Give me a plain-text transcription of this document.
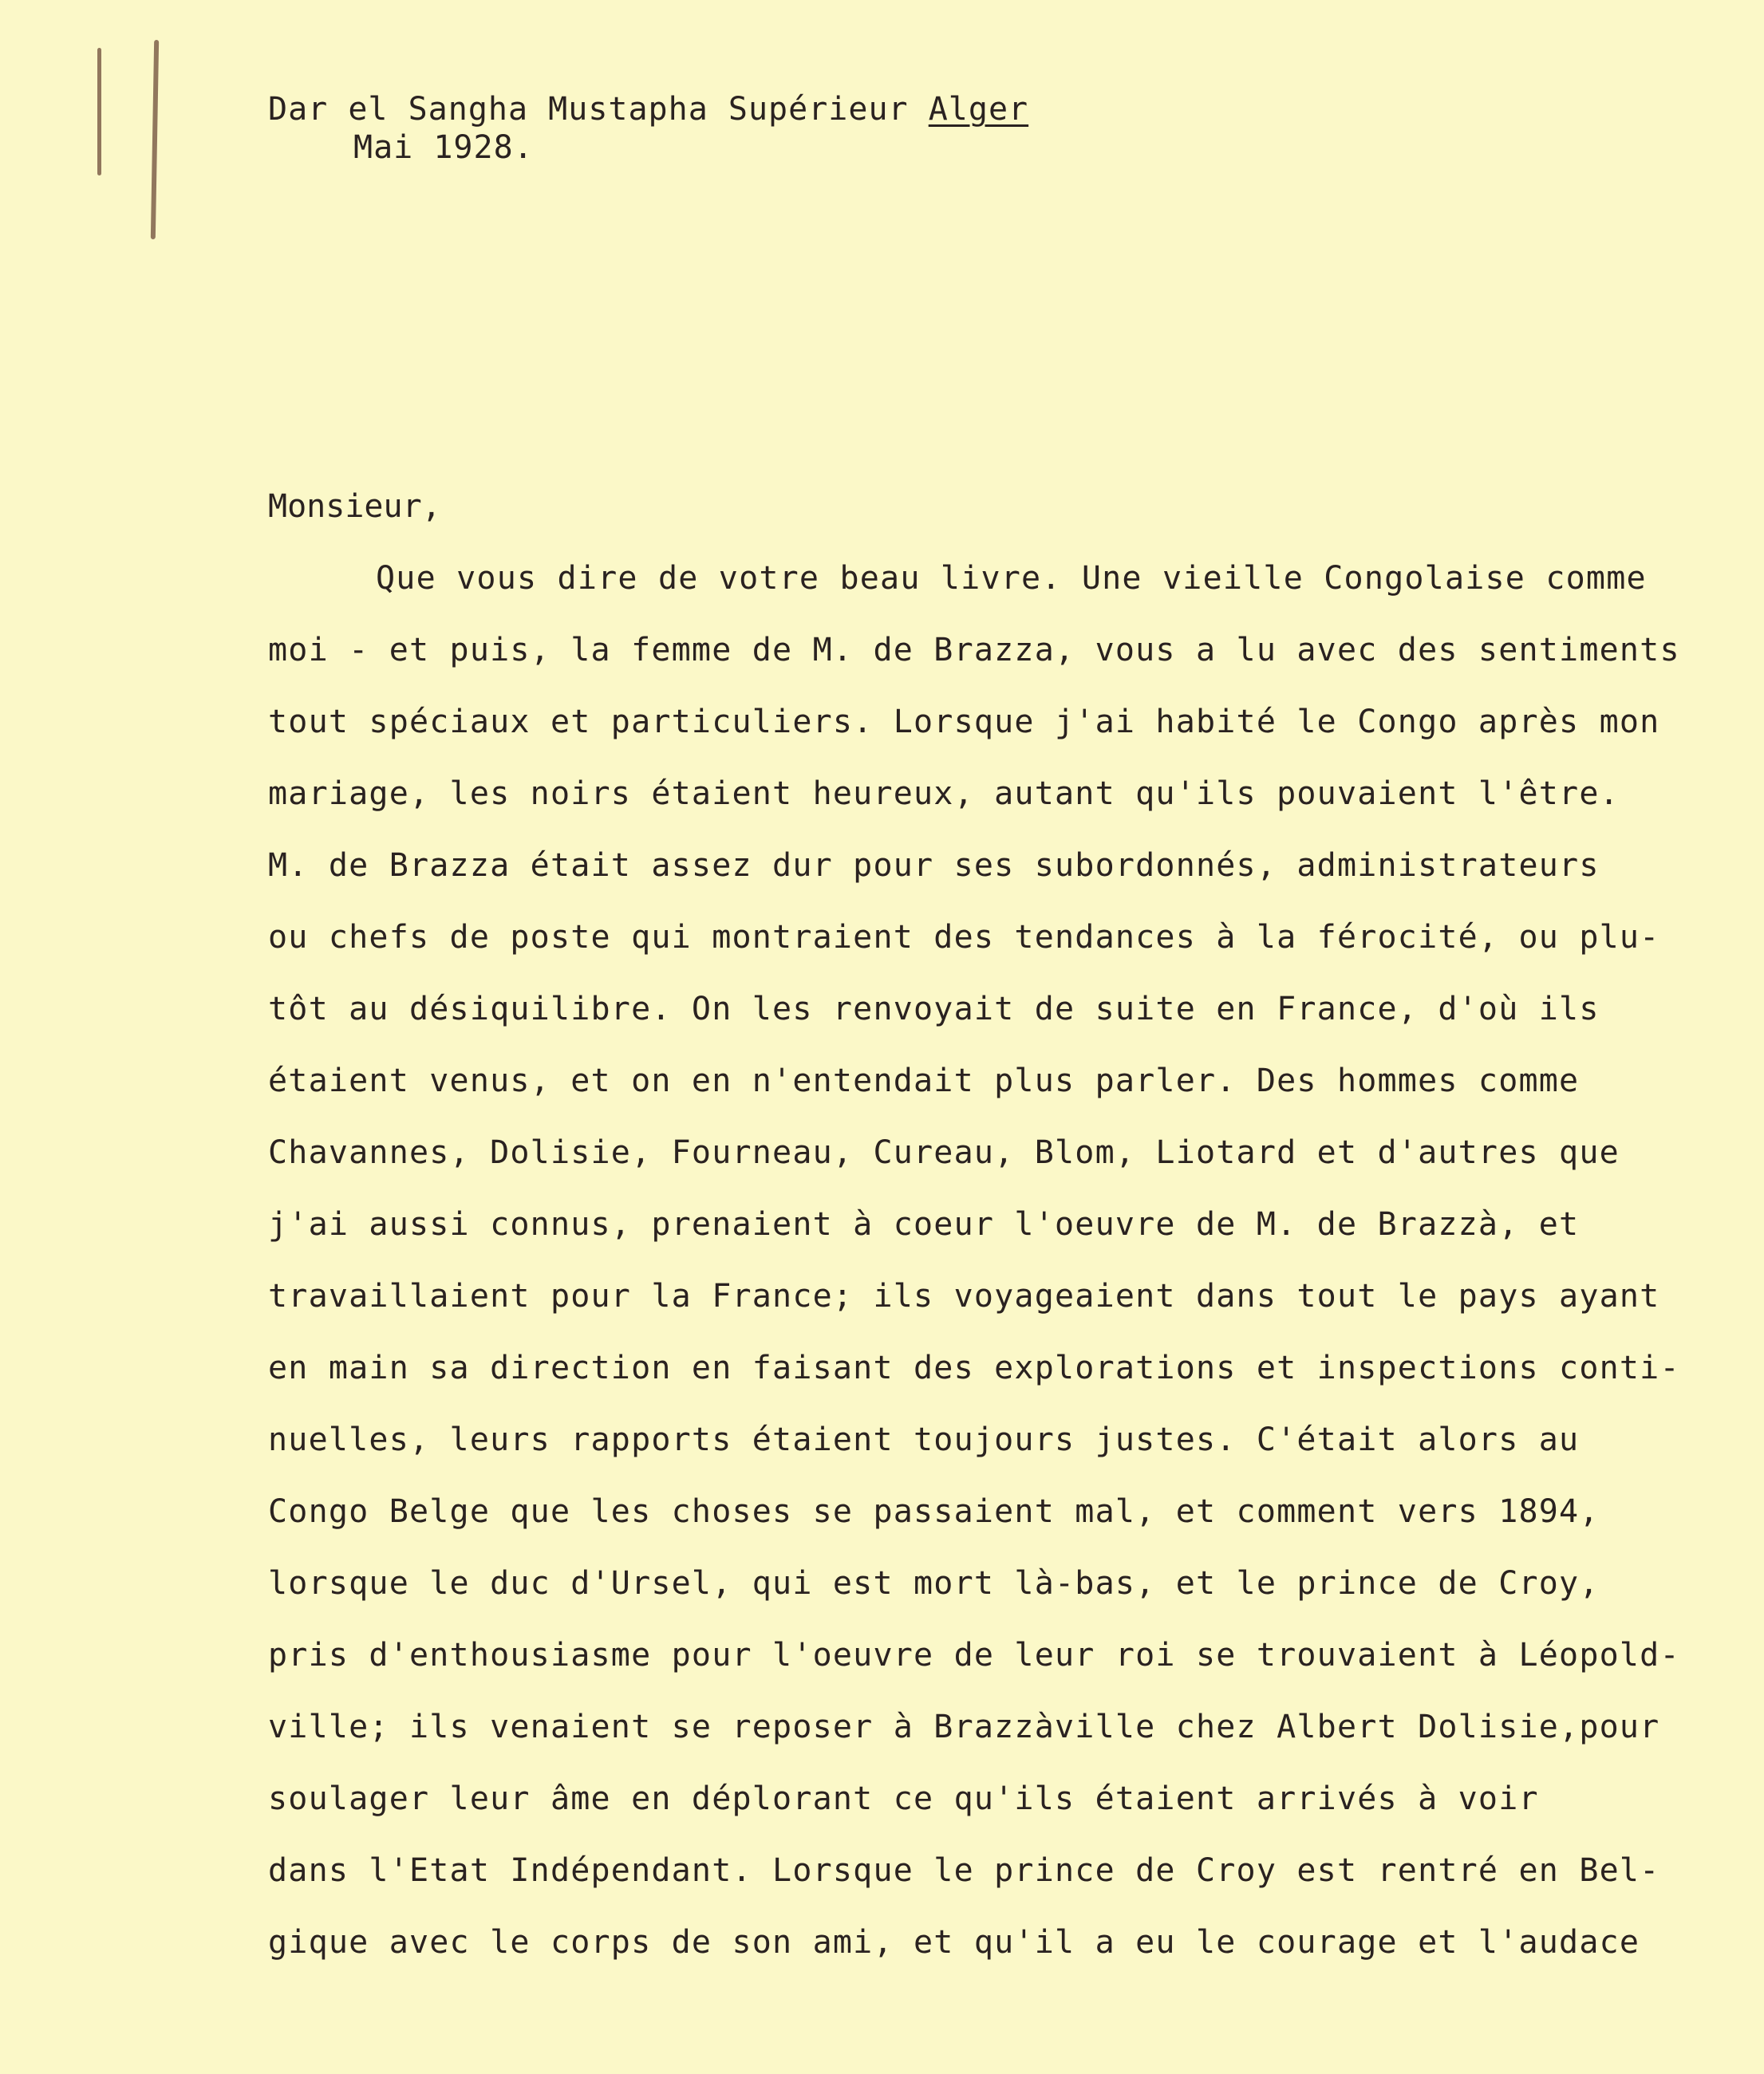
Dar el Sangha Mustapha Supérieur Alger
Mai 1928.
Monsieur,
Que vous dire de votre beau livre. Une vieille Congolaise comme
moi - et puis, la femme de M. de Brazza, vous a lu avec des sentiments
tout spéciaux et particuliers. Lorsque j'ai habité le Congo après mon
mariage, les noirs étaient heureux, autant qu'ils pouvaient l'être.
M. de Brazza était assez dur pour ses subordonnés, administrateurs
ou chefs de poste qui montraient des tendances à la férocité, ou plu-
tôt au désiquilibre. On les renvoyait de suite en France, d'où ils
étaient venus, et on en n'entendait plus parler. Des hommes comme
Chavannes, Dolisie, Fourneau, Cureau, Blom, Liotard et d'autres que
j'ai aussi connus, prenaient à coeur l'oeuvre de M. de Brazzà, et
travaillaient pour la France; ils voyageaient dans tout le pays ayant
en main sa direction en faisant des explorations et inspections conti-
nuelles, leurs rapports étaient toujours justes. C'était alors au
Congo Belge que les choses se passaient mal, et comment vers 1894,
lorsque le duc d'Ursel, qui est mort là-bas, et le prince de Croy,
pris d'enthousiasme pour l'oeuvre de leur roi se trouvaient à Léopold-
ville; ils venaient se reposer à Brazzàville chez Albert Dolisie,pour
soulager leur âme en déplorant ce qu'ils étaient arrivés à voir
dans l'Etat Indépendant. Lorsque le prince de Croy est rentré en Bel-
gique avec le corps de son ami, et qu'il a eu le courage et l'audace
